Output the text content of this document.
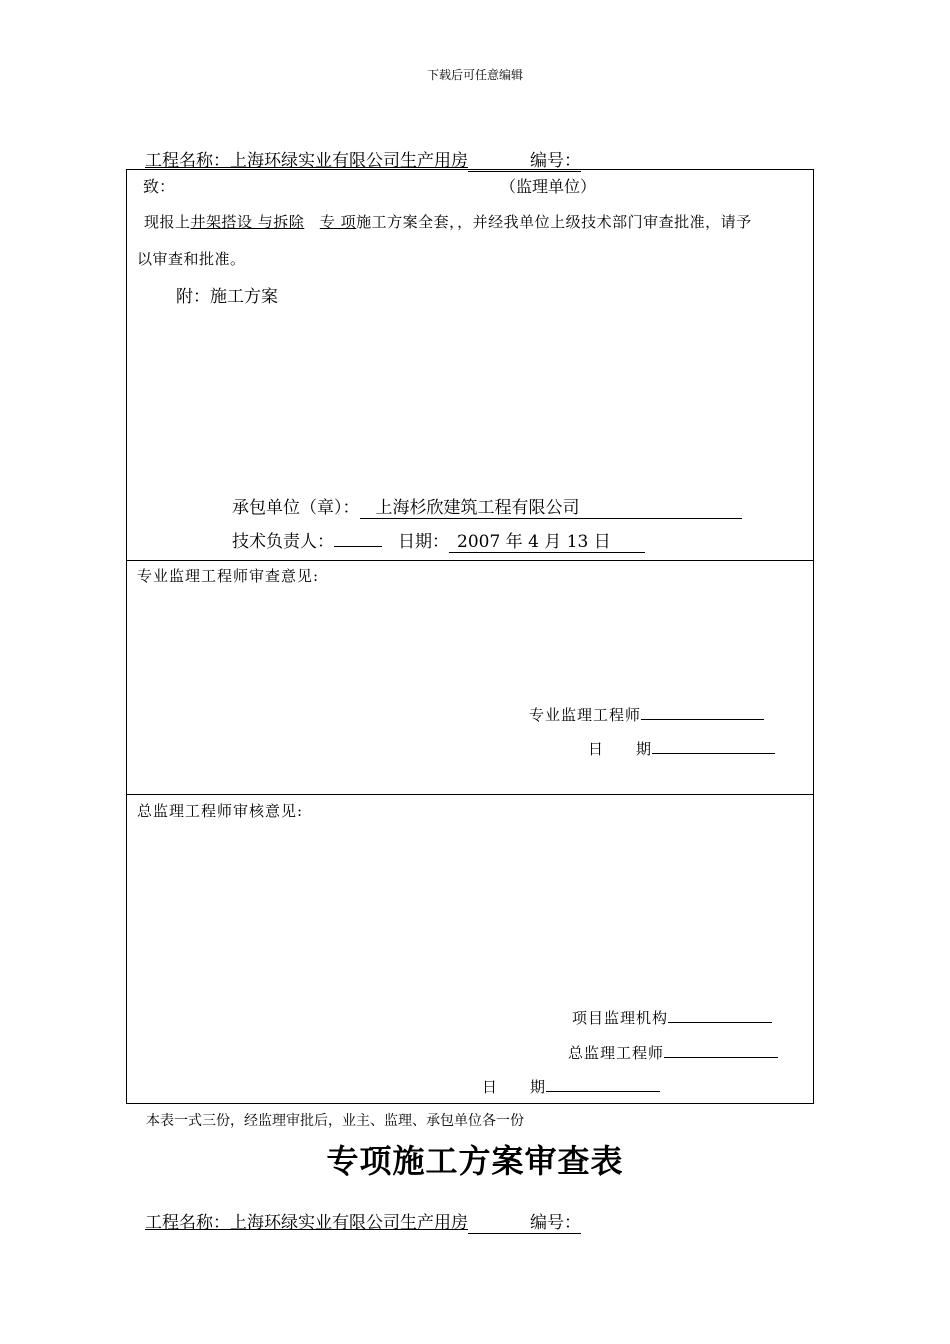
下载后可任意编辑
工程名称：上海环绿实业有限公司生产用房	编号：
致：	（监理单位）
现报上井架搭设 与拆除　 专 项施工方案全套，，并经我单位上级技术部门审查批准，请予
以审查和批准。
附：施工方案
承包单位（章）： 上海杉欣建筑工程有限公司
技术负责人：	日期： 2007 年 4 月 13 日
专业监理工程师审查意见:
专业监理工程师
日　　期
总监理工程师审核意见:
项目监理机构
总监理工程师
日　　期
本表一式三份，经监理审批后，业主、监理、承包单位各一份
专项施工方案审查表
工程名称：上海环绿实业有限公司生产用房	编号：
